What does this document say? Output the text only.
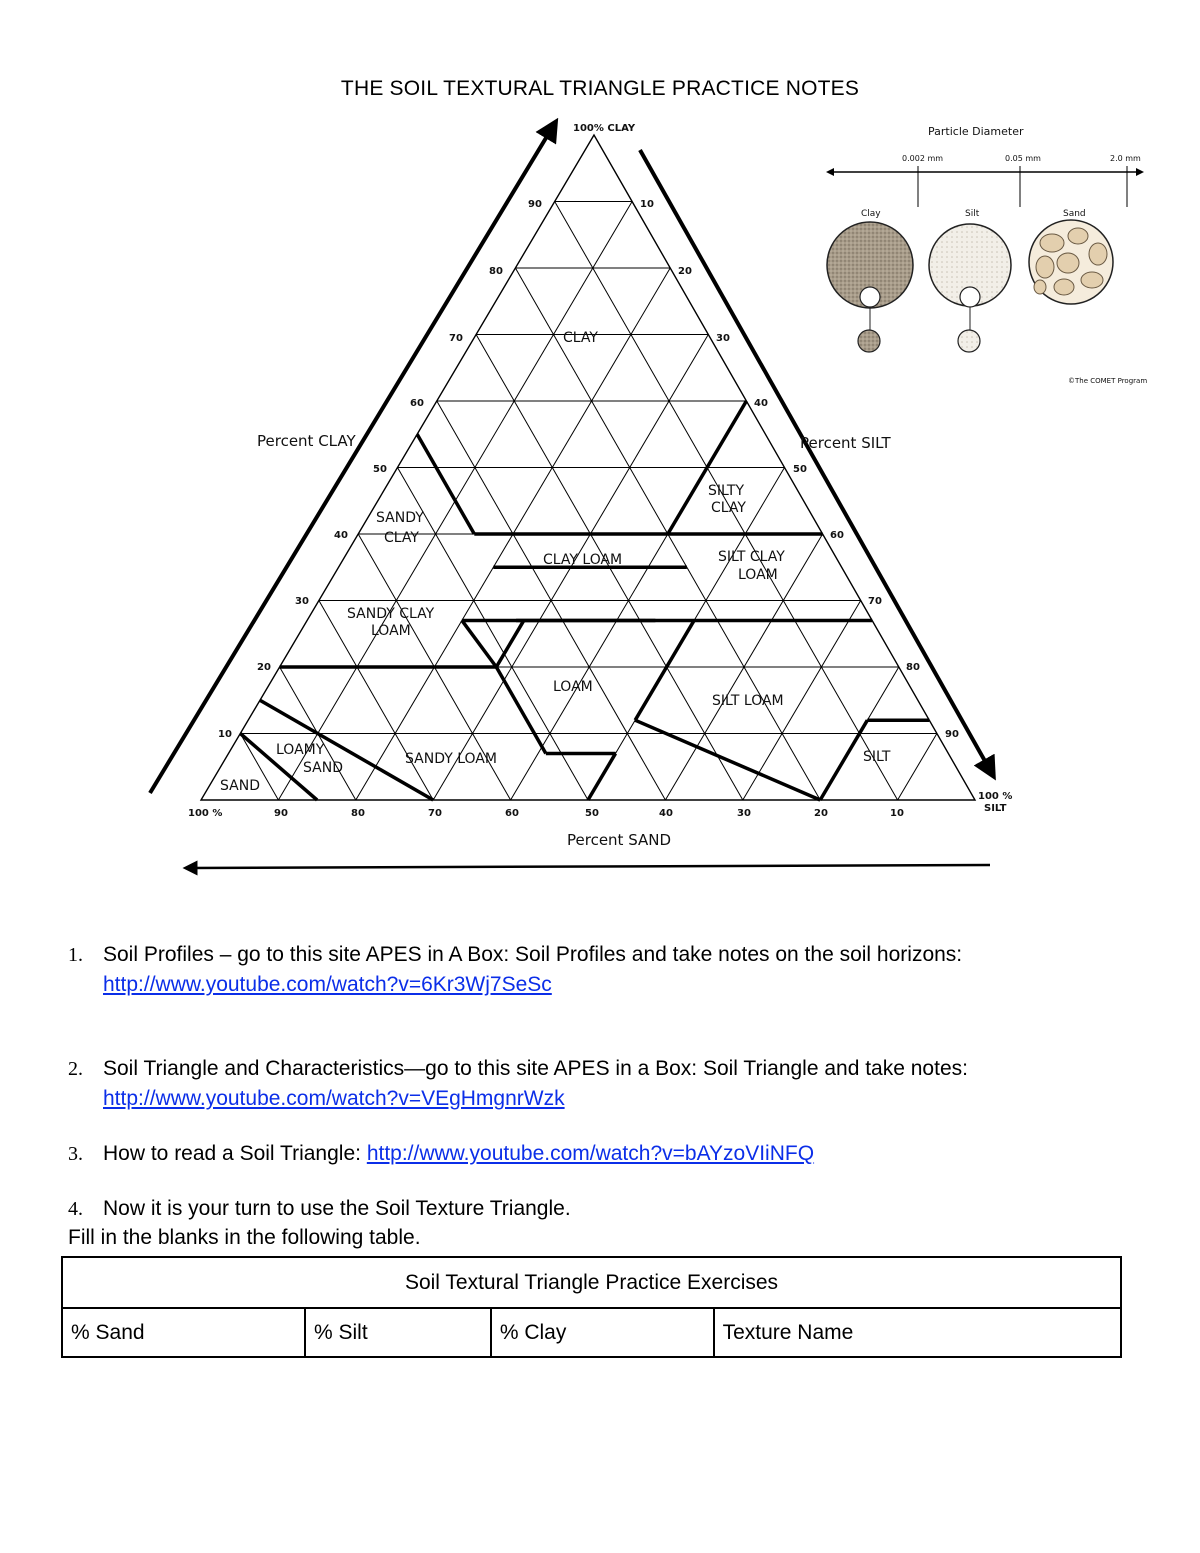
THE SOIL TEXTURAL TRIANGLE PRACTICE NOTES
90
80
70
60
50
40
30
20
10
10
20
30
40
50
60
70
80
90
90	80	70	60	50	40	30	20	10
100 %
100 %
SILT
100% CLAY
Percent CLAY	Percent SILT
Percent SAND
CLAY
SILTY
CLAY
SANDY
CLAY
CLAY LOAM	SILT CLAY
LOAM
SANDY CLAY
LOAM
LOAM
SILT LOAM
LOAMY
SAND
SANDY LOAM	SILT
SAND
Particle Diameter
0.002 mm	0.05 mm	2.0 mm
Clay	Silt	Sand
©The COMET Program
1. Soil Profiles – go to this site APES in A Box: Soil Profiles and take notes on the soil horizons: http://www.youtube.com/watch?v=6Kr3Wj7SeSc
2. Soil Triangle and Characteristics—go to this site APES in a Box: Soil Triangle and take notes: http://www.youtube.com/watch?v=VEgHmgnrWzk
3. How to read a Soil Triangle: http://www.youtube.com/watch?v=bAYzoVIiNFQ
4. Now it is your turn to use the Soil Texture Triangle.
Fill in the blanks in the following table.
Soil Textural Triangle Practice Exercises
% Sand	% Silt	% Clay	Texture Name
